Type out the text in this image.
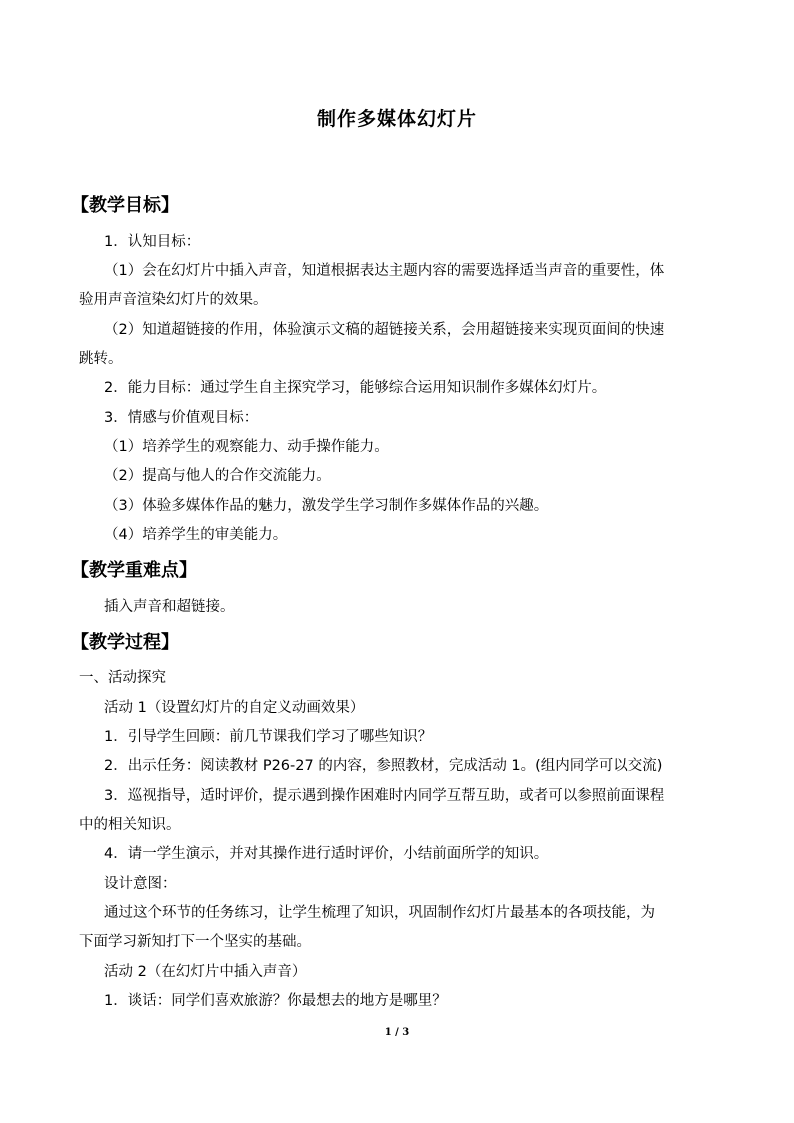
制作多媒体幻灯片
【教学目标】
1．认知目标：
（1）会在幻灯片中插入声音，知道根据表达主题内容的需要选择适当声音的重要性，体
验用声音渲染幻灯片的效果。
（2）知道超链接的作用，体验演示文稿的超链接关系，会用超链接来实现页面间的快速
跳转。
2．能力目标：通过学生自主探究学习，能够综合运用知识制作多媒体幻灯片。
3．情感与价值观目标：
（1）培养学生的观察能力、动手操作能力。
（2）提高与他人的合作交流能力。
（3）体验多媒体作品的魅力，激发学生学习制作多媒体作品的兴趣。
（4）培养学生的审美能力。
【教学重难点】
插入声音和超链接。
【教学过程】
一、活动探究
活动 1（设置幻灯片的自定义动画效果）
1．引导学生回顾：前几节课我们学习了哪些知识？
2．出示任务：阅读教材 P26-27 的内容，参照教材，完成活动 1。(组内同学可以交流)
3．巡视指导，适时评价，提示遇到操作困难时内同学互帮互助，或者可以参照前面课程
中的相关知识。
4．请一学生演示，并对其操作进行适时评价，小结前面所学的知识。
设计意图：
通过这个环节的任务练习，让学生梳理了知识，巩固制作幻灯片最基本的各项技能，为
下面学习新知打下一个坚实的基础。
活动 2（在幻灯片中插入声音）
1．谈话：同学们喜欢旅游？你最想去的地方是哪里？
1 / 3
